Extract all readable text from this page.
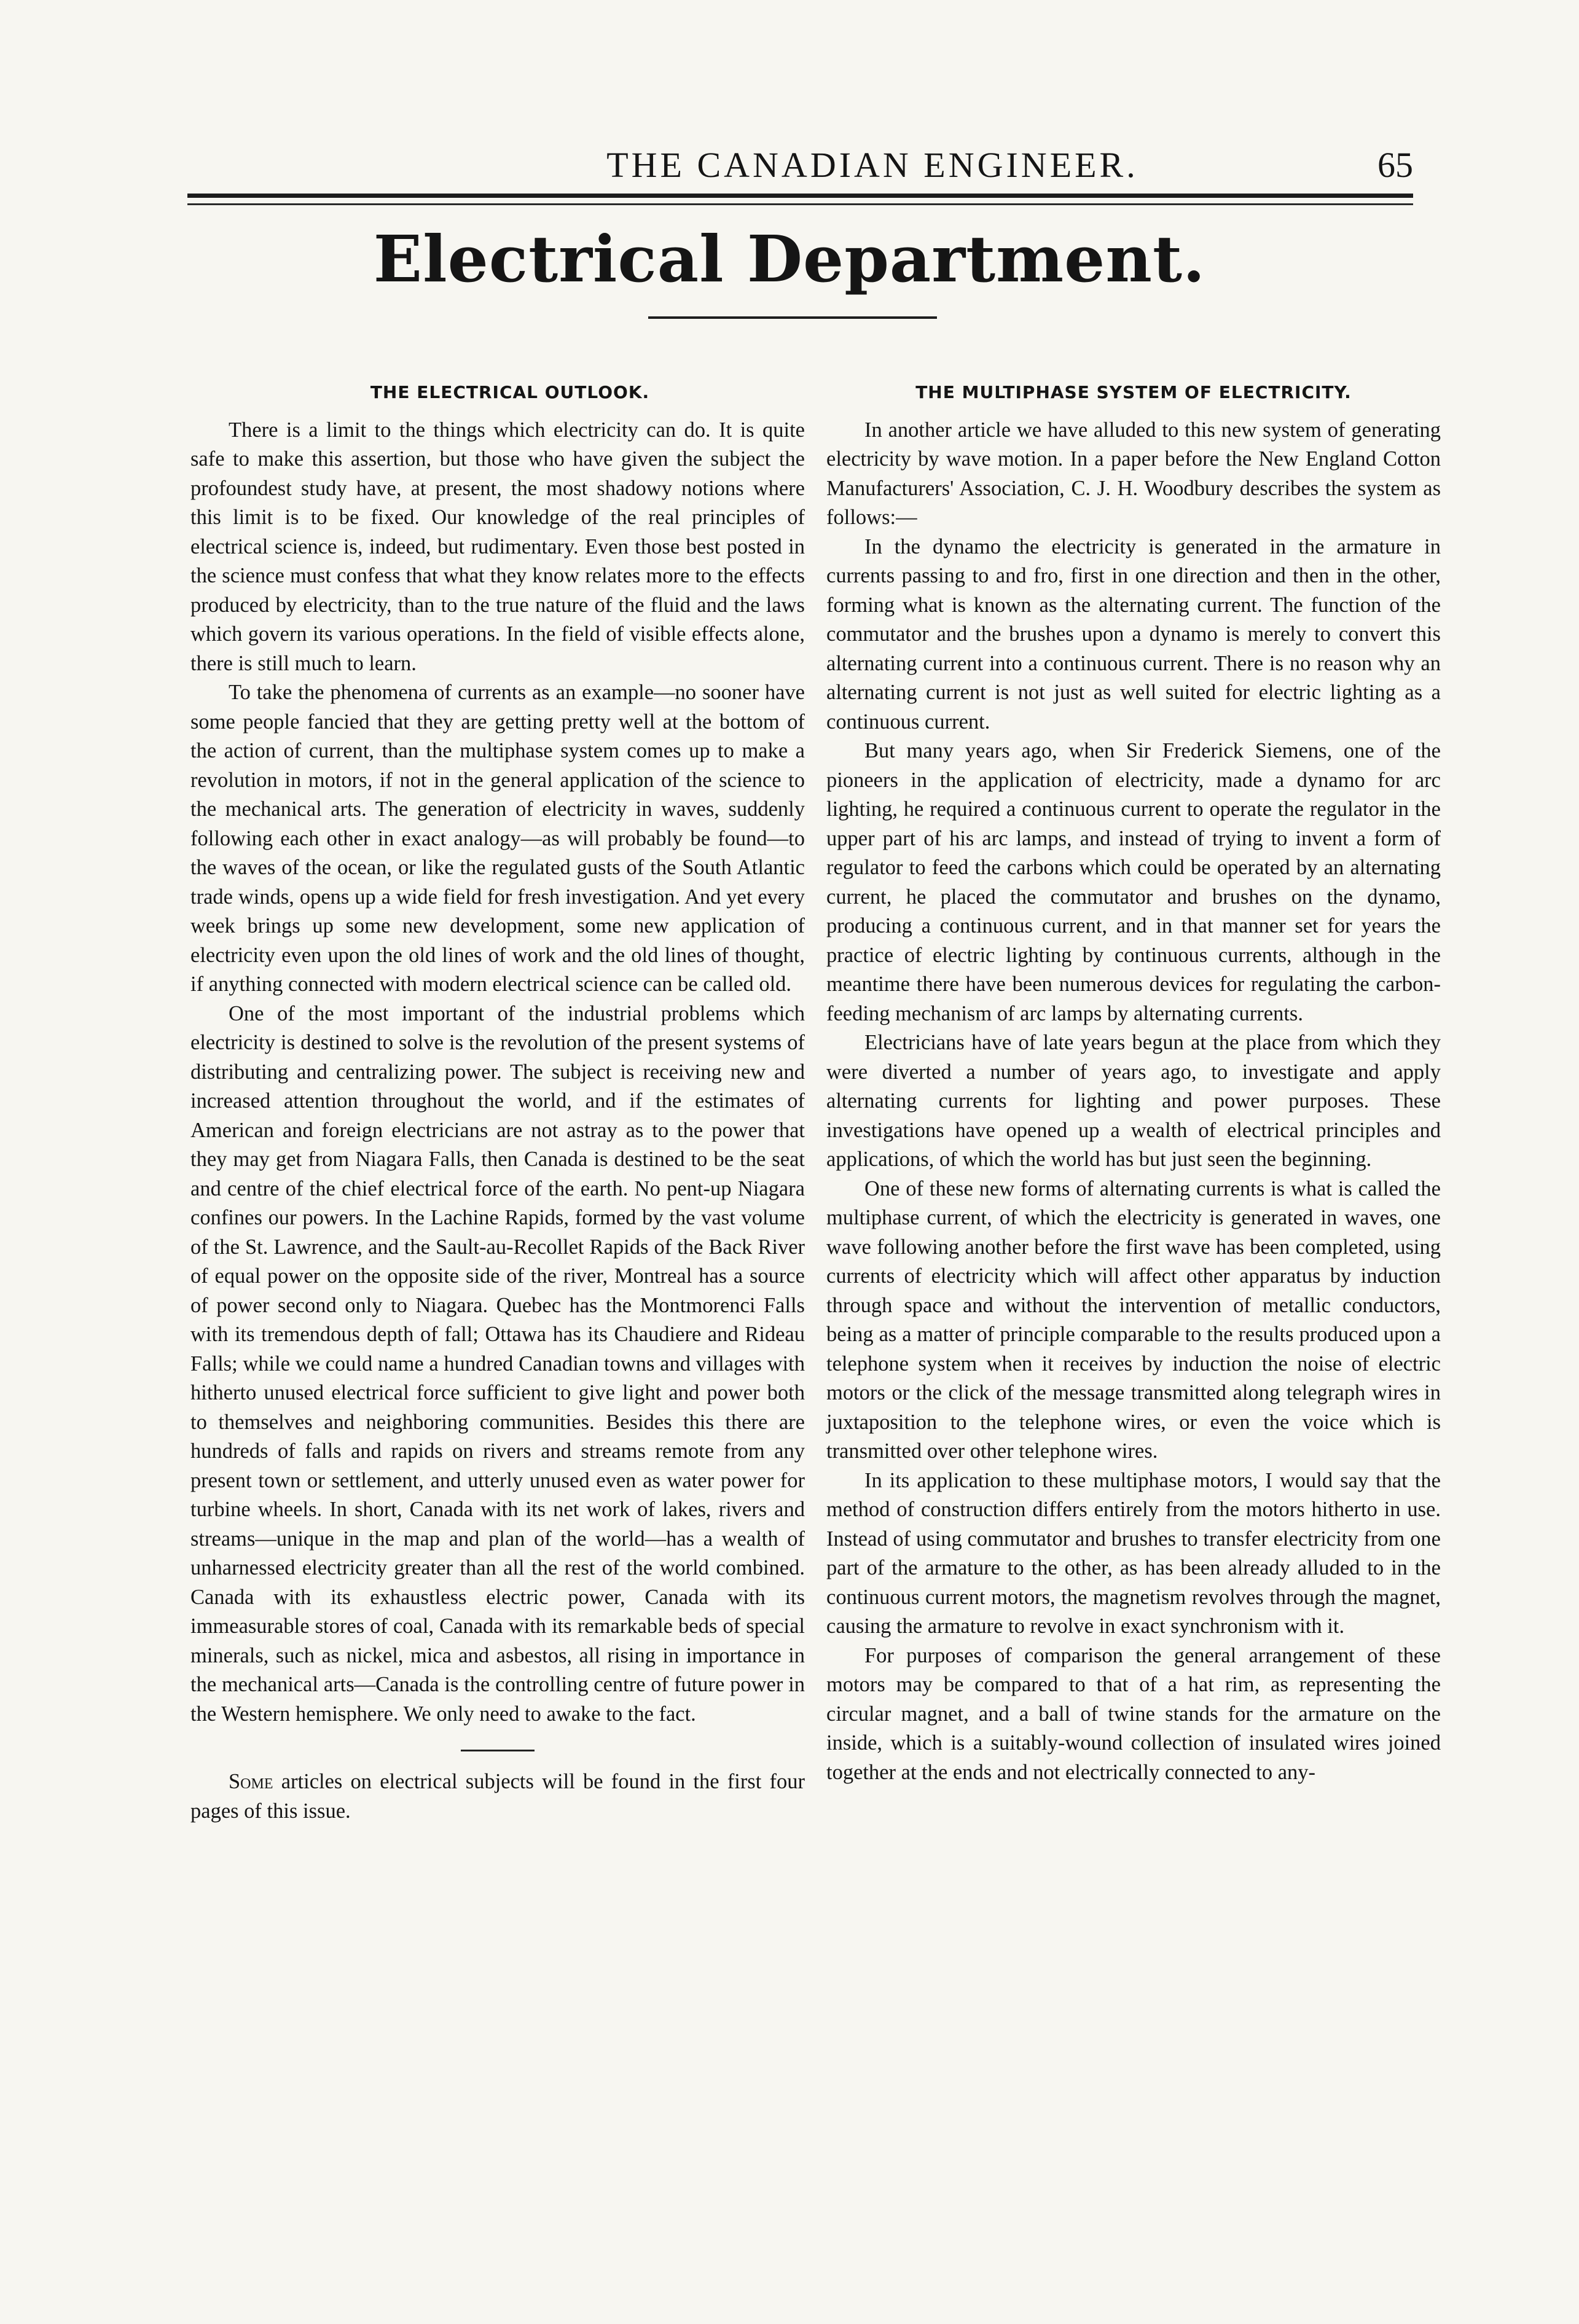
THE CANADIAN ENGINEER.	65
Electrical Department.
THE ELECTRICAL OUTLOOK.

There is a limit to the things which electricity can do. It is quite safe to make this assertion, but those who have given the subject the profoundest study have, at present, the most shadowy notions where this limit is to be fixed. Our knowledge of the real principles of electrical science is, indeed, but rudimentary. Even those best posted in the science must confess that what they know relates more to the effects produced by electricity, than to the true nature of the fluid and the laws which govern its various operations. In the field of visible effects alone, there is still much to learn.

To take the phenomena of currents as an example—no sooner have some people fancied that they are getting pretty well at the bottom of the action of current, than the multiphase system comes up to make a revolution in motors, if not in the general application of the science to the mechanical arts. The generation of electricity in waves, suddenly following each other in exact analogy—as will probably be found—to the waves of the ocean, or like the regulated gusts of the South Atlantic trade winds, opens up a wide field for fresh investigation. And yet every week brings up some new development, some new application of electricity even upon the old lines of work and the old lines of thought, if anything connected with modern electrical science can be called old.

One of the most important of the industrial problems which electricity is destined to solve is the revolution of the present systems of distributing and centralizing power. The subject is receiving new and increased attention throughout the world, and if the estimates of American and foreign electricians are not astray as to the power that they may get from Niagara Falls, then Canada is destined to be the seat and centre of the chief electrical force of the earth. No pent-up Niagara confines our powers. In the Lachine Rapids, formed by the vast volume of the St. Lawrence, and the Sault-au-Recollet Rapids of the Back River of equal power on the opposite side of the river, Montreal has a source of power second only to Niagara. Quebec has the Montmorenci Falls with its tremendous depth of fall; Ottawa has its Chaudiere and Rideau Falls; while we could name a hundred Canadian towns and villages with hitherto unused electrical force sufficient to give light and power both to themselves and neighboring communities. Besides this there are hundreds of falls and rapids on rivers and streams remote from any present town or settlement, and utterly unused even as water power for turbine wheels. In short, Canada with its net work of lakes, rivers and streams—unique in the map and plan of the world—has a wealth of unharnessed electricity greater than all the rest of the world combined. Canada with its exhaustless electric power, Canada with its immeasurable stores of coal, Canada with its remarkable beds of special minerals, such as nickel, mica and asbestos, all rising in importance in the mechanical arts—Canada is the controlling centre of future power in the Western hemisphere. We only need to awake to the fact.

Some articles on electrical subjects will be found in the first four pages of this issue.

THE MULTIPHASE SYSTEM OF ELECTRICITY.

In another article we have alluded to this new system of generating electricity by wave motion. In a paper before the New England Cotton Manufacturers' Association, C. J. H. Woodbury describes the system as follows:—

In the dynamo the electricity is generated in the armature in currents passing to and fro, first in one direction and then in the other, forming what is known as the alternating current. The function of the commutator and the brushes upon a dynamo is merely to convert this alternating current into a continuous current. There is no reason why an alternating current is not just as well suited for electric lighting as a continuous current.

But many years ago, when Sir Frederick Siemens, one of the pioneers in the application of electricity, made a dynamo for arc lighting, he required a continuous current to operate the regulator in the upper part of his arc lamps, and instead of trying to invent a form of regulator to feed the carbons which could be operated by an alternating current, he placed the commutator and brushes on the dynamo, producing a continuous current, and in that manner set for years the practice of electric lighting by continuous currents, although in the meantime there have been numerous devices for regulating the carbon-feeding mechanism of arc lamps by alternating currents.

Electricians have of late years begun at the place from which they were diverted a number of years ago, to investigate and apply alternating currents for lighting and power purposes. These investigations have opened up a wealth of electrical principles and applications, of which the world has but just seen the beginning.

One of these new forms of alternating currents is what is called the multiphase current, of which the electricity is generated in waves, one wave following another before the first wave has been completed, using currents of electricity which will affect other apparatus by induction through space and without the intervention of metallic conductors, being as a matter of principle comparable to the results produced upon a telephone system when it receives by induction the noise of electric motors or the click of the message transmitted along telegraph wires in juxtaposition to the telephone wires, or even the voice which is transmitted over other telephone wires.

In its application to these multiphase motors, I would say that the method of construction differs entirely from the motors hitherto in use. Instead of using commutator and brushes to transfer electricity from one part of the armature to the other, as has been already alluded to in the continuous current motors, the magnetism revolves through the magnet, causing the armature to revolve in exact synchronism with it.

For purposes of comparison the general arrangement of these motors may be compared to that of a hat rim, as representing the circular magnet, and a ball of twine stands for the armature on the inside, which is a suitably-wound collection of insulated wires joined together at the ends and not electrically connected to any-
